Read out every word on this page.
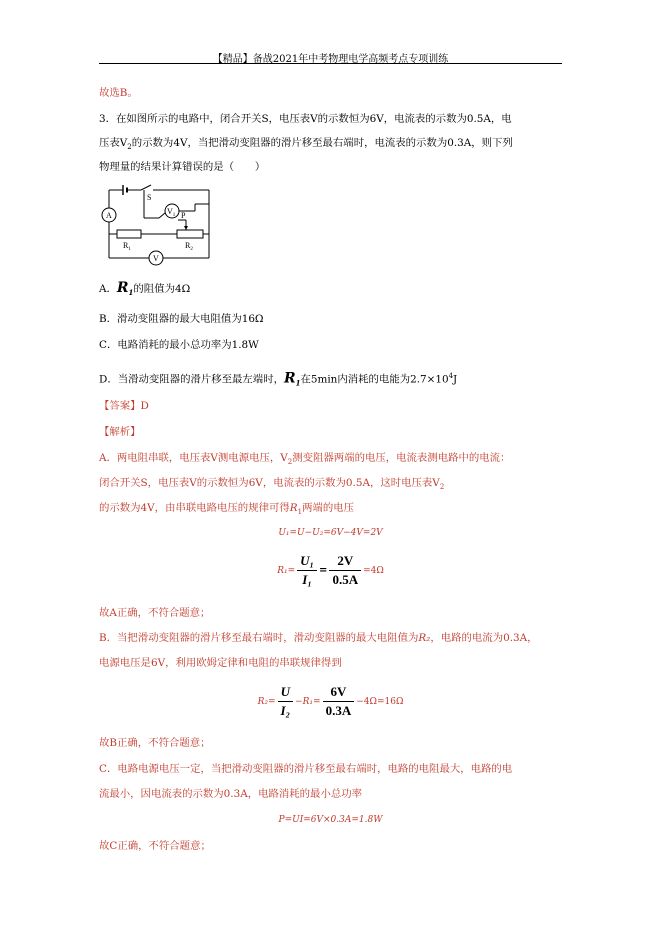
【精品】备战2021年中考物理电学高频考点专项训练
故选B。
3．在如图所示的电路中，闭合开关S，电压表V的示数恒为6V，电流表的示数为0.5A，电
压表$V_2$的示数为4V，当把滑动变阻器的滑片移至最右端时，电流表的示数为0.3A，则下列
物理量的结果计算错误的是（　　）
A
S
$V_1$ P
$R_1$	$R_2$
V
A．$R_1$的阻值为4Ω
B．滑动变阻器的最大电阻值为16Ω
C．电路消耗的最小总功率为1.8W
D．当滑动变阻器的滑片移至最左端时，$R_1$在5min内消耗的电能为$2.7\times 10^4J$
【答案】D
【解析】
A．两电阻串联，电压表V测电源电压，$V_2$测变阻器两端的电压，电流表测电路中的电流：
闭合开关S，电压表V的示数恒为6V，电流表的示数为0.5A，这时电压表$V_2$
的示数为4V，由串联电路电压的规律可得$R_1$两端的电压
U₁=U−U₂=6V−4V=2V
$R_1= \frac{\text{U₁}}{\text{I₁}} = \frac{2V}{0.5A} =4\Omega$
故A正确，不符合题意；
B．当把滑动变阻器的滑片移至最右端时，滑动变阻器的最大电阻值为R₂，电路的电流为0.3A，
电源电压是6V，利用欧姆定律和电阻的串联规律得到
$R_2= \frac{U}{\text{I₂}} -R_1= \frac{6V}{0.3A} -4\Omega=16\Omega$
故B正确，不符合题意；
C．电路电源电压一定，当把滑动变阻器的滑片移至最右端时，电路的电阻最大，电路的电
流最小，因电流表的示数为0.3A，电路消耗的最小总功率
P=UI=6V×0.3A=1.8W
故C正确，不符合题意；
